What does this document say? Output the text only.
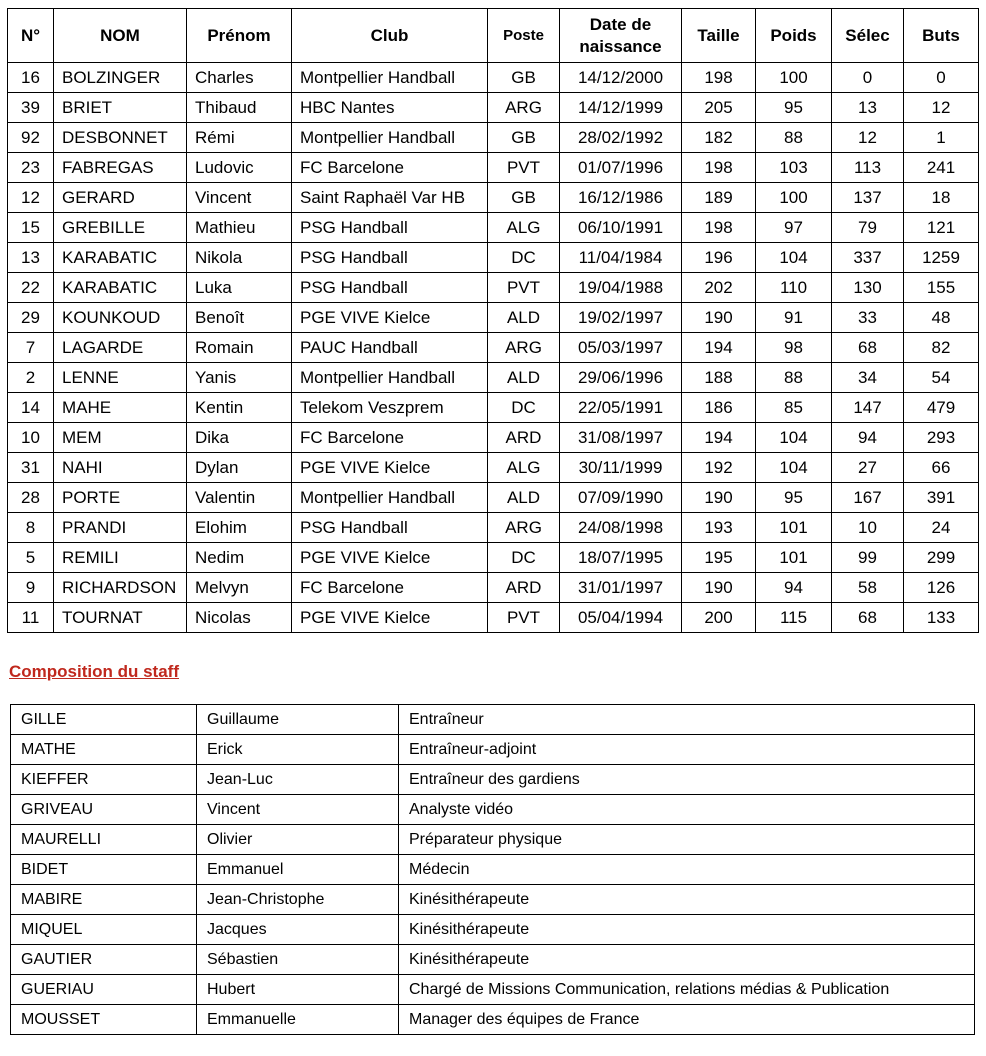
N°	NOM	Prénom	Club	Poste	Date de naissance	Taille	Poids	Sélec	Buts
16	BOLZINGER	Charles	Montpellier Handball	GB	14/12/2000	198	100	0	0
39	BRIET	Thibaud	HBC Nantes	ARG	14/12/1999	205	95	13	12
92	DESBONNET	Rémi	Montpellier Handball	GB	28/02/1992	182	88	12	1
23	FABREGAS	Ludovic	FC Barcelone	PVT	01/07/1996	198	103	113	241
12	GERARD	Vincent	Saint Raphaël Var HB	GB	16/12/1986	189	100	137	18
15	GREBILLE	Mathieu	PSG Handball	ALG	06/10/1991	198	97	79	121
13	KARABATIC	Nikola	PSG Handball	DC	11/04/1984	196	104	337	1259
22	KARABATIC	Luka	PSG Handball	PVT	19/04/1988	202	110	130	155
29	KOUNKOUD	Benoît	PGE VIVE Kielce	ALD	19/02/1997	190	91	33	48
7	LAGARDE	Romain	PAUC Handball	ARG	05/03/1997	194	98	68	82
2	LENNE	Yanis	Montpellier Handball	ALD	29/06/1996	188	88	34	54
14	MAHE	Kentin	Telekom Veszprem	DC	22/05/1991	186	85	147	479
10	MEM	Dika	FC Barcelone	ARD	31/08/1997	194	104	94	293
31	NAHI	Dylan	PGE VIVE Kielce	ALG	30/11/1999	192	104	27	66
28	PORTE	Valentin	Montpellier Handball	ALD	07/09/1990	190	95	167	391
8	PRANDI	Elohim	PSG Handball	ARG	24/08/1998	193	101	10	24
5	REMILI	Nedim	PGE VIVE Kielce	DC	18/07/1995	195	101	99	299
9	RICHARDSON	Melvyn	FC Barcelone	ARD	31/01/1997	190	94	58	126
11	TOURNAT	Nicolas	PGE VIVE Kielce	PVT	05/04/1994	200	115	68	133

Composition du staff

GILLE	Guillaume	Entraîneur
MATHE	Erick	Entraîneur-adjoint
KIEFFER	Jean-Luc	Entraîneur des gardiens
GRIVEAU	Vincent	Analyste vidéo
MAURELLI	Olivier	Préparateur physique
BIDET	Emmanuel	Médecin
MABIRE	Jean-Christophe	Kinésithérapeute
MIQUEL	Jacques	Kinésithérapeute
GAUTIER	Sébastien	Kinésithérapeute
GUERIAU	Hubert	Chargé de Missions Communication, relations médias & Publication
MOUSSET	Emmanuelle	Manager des équipes de France
